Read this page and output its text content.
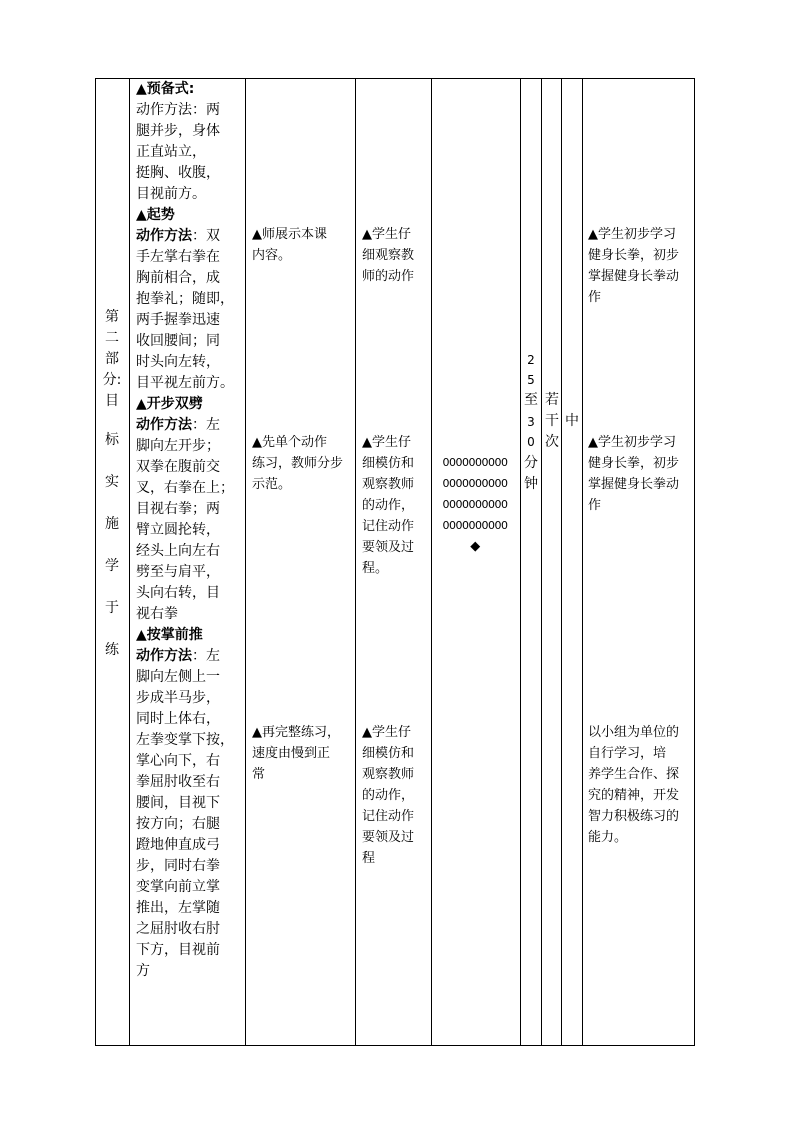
第
二
部
分:
目
标
实
施
学
于
练
▲预备式:
动作方法：两
腿并步，身体
正直站立，
挺胸、收腹，
目视前方。
▲起势
动作方法：双
手左掌右拳在
胸前相合，成
抱拳礼；随即，
两手握拳迅速
收回腰间；同
时头向左转，
目平视左前方。
▲开步双劈
动作方法：左
脚向左开步；
双拳在腹前交
叉，右拳在上；
目视右拳；两
臂立圆抡转，
经头上向左右
劈至与肩平，
头向右转，目
视右拳
▲按掌前推
动作方法：左
脚向左侧上一
步成半马步，
同时上体右，
左拳变掌下按，
掌心向下，右
拳屈肘收至右
腰间，目视下
按方向；右腿
蹬地伸直成弓
步，同时右拳
变掌向前立掌
推出，左掌随
之屈肘收右肘
下方，目视前
方
▲师展示本课
内容。
▲先单个动作
练习，教师分步
示范。
▲再完整练习，
速度由慢到正
常
▲学生仔
细观察教
师的动作
▲学生仔
细模仿和
观察教师
的动作，
记住动作
要领及过
程。
▲学生仔
细模仿和
观察教师
的动作，
记住动作
要领及过
程
0000000000
0000000000
0000000000
0000000000
◆
2
5
至
3
0
分
钟
若
干
次
中
▲学生初步学习
健身长拳，初步
掌握健身长拳动
作
▲学生初步学习
健身长拳，初步
掌握健身长拳动
作
以小组为单位的
自行学习，培
养学生合作、探
究的精神，开发
智力积极练习的
能力。
